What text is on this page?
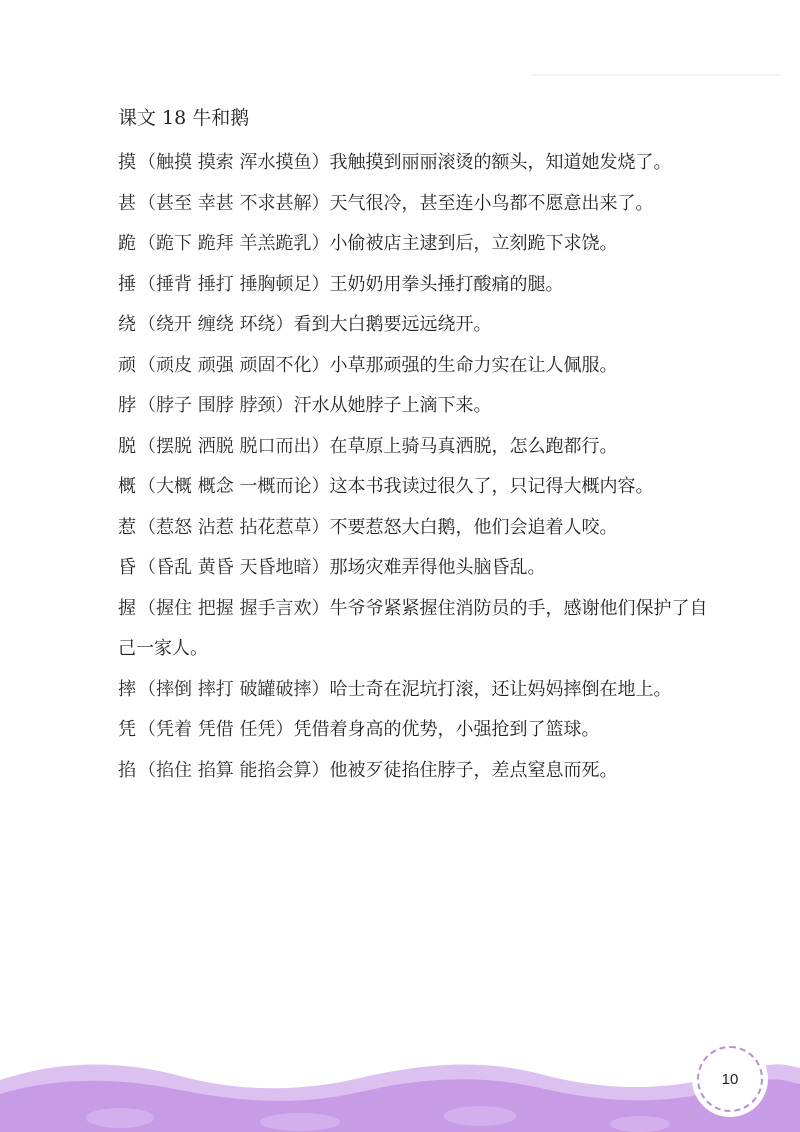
课文 18 牛和鹅
摸 （触摸 摸索 浑水摸鱼）我触摸到丽丽滚烫的额头，知道她发烧了。
甚 （甚至 幸甚 不求甚解）天气很冷，甚至连小鸟都不愿意出来了。
跪 （跪下 跪拜 羊羔跪乳）小偷被店主逮到后，立刻跪下求饶。
捶 （捶背 捶打 捶胸顿足）王奶奶用拳头捶打酸痛的腿。
绕 （绕开 缠绕 环绕）看到大白鹅要远远绕开。
顽 （顽皮 顽强 顽固不化）小草那顽强的生命力实在让人佩服。
脖 （脖子 围脖 脖颈）汗水从她脖子上滴下来。
脱 （摆脱 洒脱 脱口而出）在草原上骑马真洒脱，怎么跑都行。
概 （大概 概念 一概而论）这本书我读过很久了，只记得大概内容。
惹 （惹怒 沾惹 拈花惹草）不要惹怒大白鹅，他们会追着人咬。
昏 （昏乱 黄昏 天昏地暗）那场灾难弄得他头脑昏乱。
握 （握住 把握 握手言欢）牛爷爷紧紧握住消防员的手，感谢他们保护了自己一家人。
摔 （摔倒 摔打 破罐破摔）哈士奇在泥坑打滚，还让妈妈摔倒在地上。
凭 （凭着 凭借 任凭）凭借着身高的优势，小强抢到了篮球。
掐 （掐住 掐算 能掐会算）他被歹徒掐住脖子，差点窒息而死。
10
